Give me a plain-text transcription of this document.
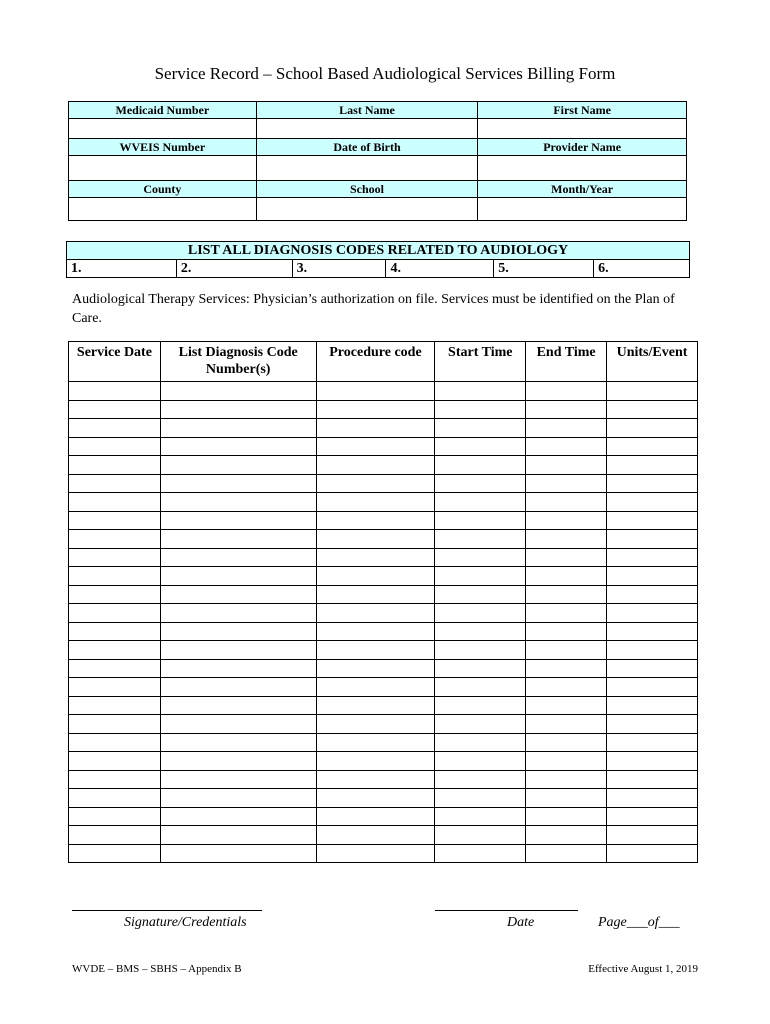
Service Record – School Based Audiological Services Billing Form
Medicaid Number	Last Name	First Name

WVEIS Number	Date of Birth	Provider Name

County	School	Month/Year

LIST ALL DIAGNOSIS CODES RELATED TO AUDIOLOGY
1.	2.	3.	4.	5.	6.
Audiological Therapy Services: Physician’s authorization on file. Services must be identified on the Plan of Care.
Service Date	List Diagnosis Code Number(s)	Procedure code	Start Time	End Time	Units/Event

Signature/Credentials	Date	Page___of___
WVDE – BMS – SBHS – Appendix B	Effective August 1, 2019
